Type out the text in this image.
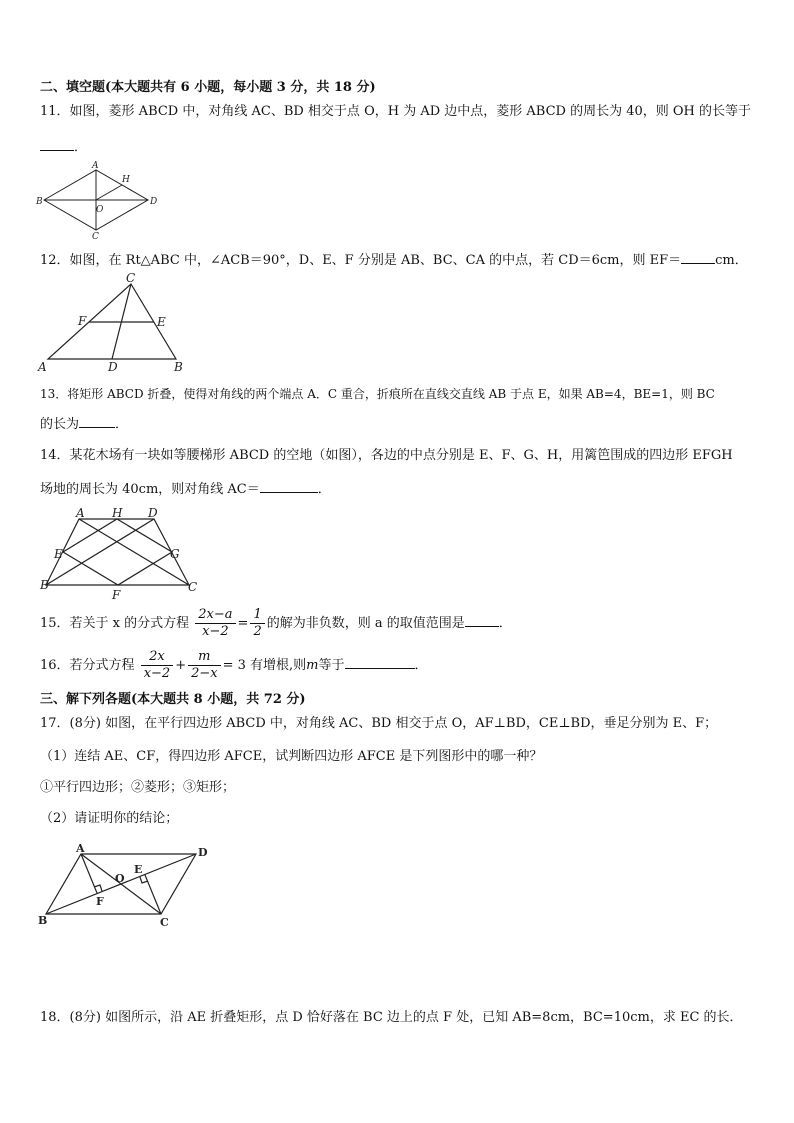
二、填空题(本大题共有 6 小题，每小题 3 分，共 18 分)
11．如图，菱形 ABCD 中，对角线 AC、BD 相交于点 O，H 为 AD 边中点，菱形 ABCD 的周长为 40，则 OH 的长等于
．
A
B
C
D
H
O
12．如图，在 Rt△ABC 中，∠ACB＝90°，D、E、F 分别是 AB、BC、CA 的中点，若 CD＝6cm，则 EF＝	cm．
C
F	E
A	D	B
13．将矩形 ABCD 折叠，使得对角线的两个端点 A．C 重合，折痕所在直线交直线 AB 于点 E，如果 AB=4，BE=1，则 BC
的长为	．
14．某花木场有一块如等腰梯形 ABCD 的空地（如图），各边的中点分别是 E、F、G、H，用篱笆围成的四边形 EFGH
场地的周长为 40cm，则对角线 AC＝	．
A H D
E	G
B
F
C
15．若关于 x 的分式方程 $\frac{2x-a}{x-2} = \frac{1}{2}$ 的解为非负数，则 a 的取值范围是	．
16．若分式方程 $\frac{2x}{x-2} + \frac{m}{2-x} = 3$ 有增根,则m等于	．
三、解下列各题(本大题共 8 小题，共 72 分)
17．(8分) 如图，在平行四边形 ABCD 中，对角线 AC、BD 相交于点 O，AF⊥BD，CE⊥BD，垂足分别为 E、F；
（1）连结 AE、CF，得四边形 AFCE，试判断四边形 AFCE 是下列图形中的哪一种？
①平行四边形；②菱形；③矩形；
（2）请证明你的结论；
A	D
B	C
O
E
F
18．(8分) 如图所示，沿 AE 折叠矩形，点 D 恰好落在 BC 边上的点 F 处，已知 AB=8cm，BC=10cm，求 EC 的长．
